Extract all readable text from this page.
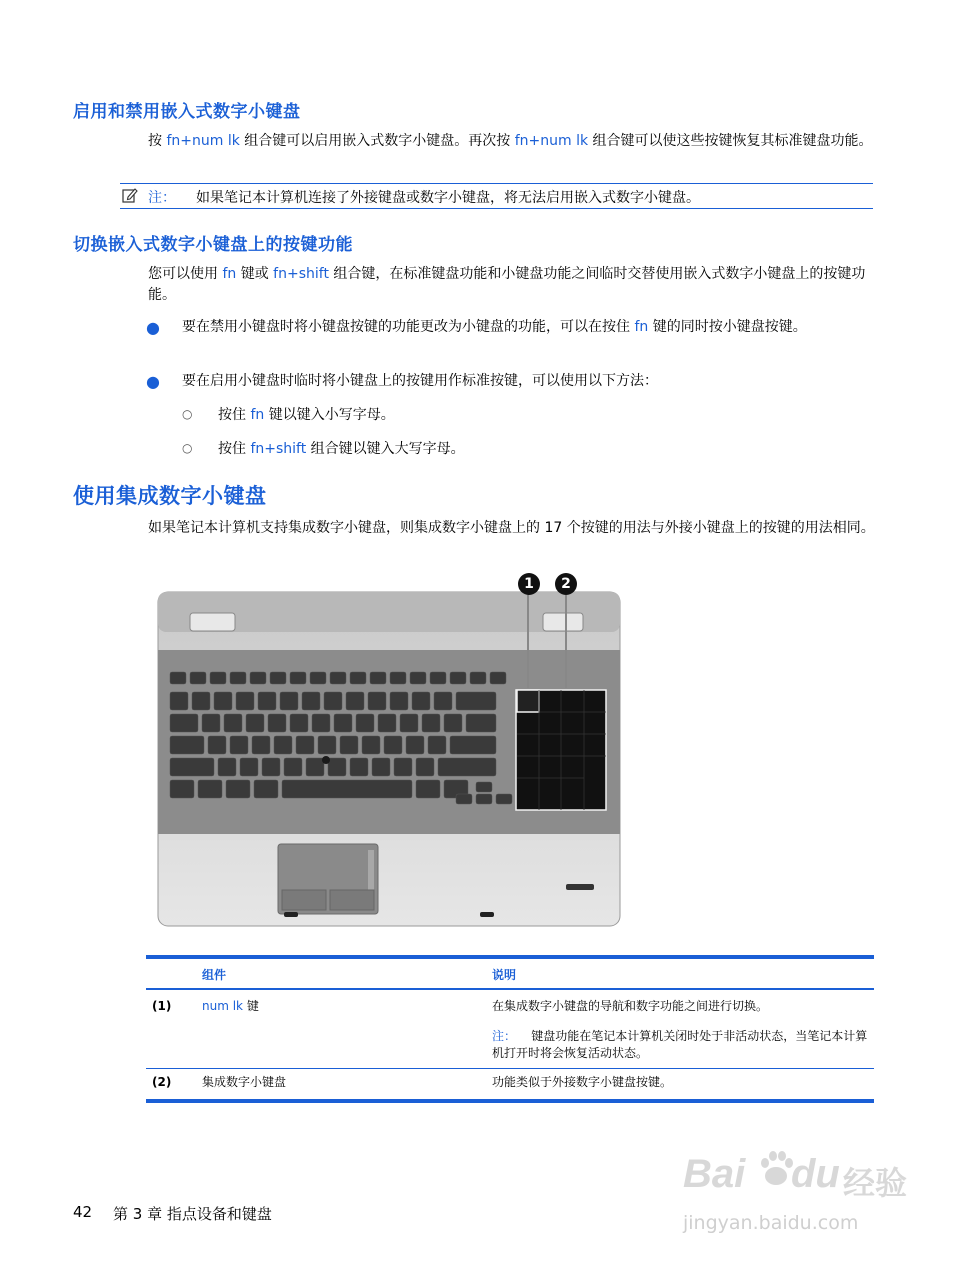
启用和禁用嵌入式数字小键盘
按 fn+num lk 组合键可以启用嵌入式数字小键盘。再次按 fn+num lk 组合键可以使这些按键恢复其标准键盘功能。
注： 如果笔记本计算机连接了外接键盘或数字小键盘，将无法启用嵌入式数字小键盘。
切换嵌入式数字小键盘上的按键功能
您可以使用 fn 键或 fn+shift 组合键，在标准键盘功能和小键盘功能之间临时交替使用嵌入式数字小键盘上的按键功能。
● 要在禁用小键盘时将小键盘按键的功能更改为小键盘的功能，可以在按住 fn 键的同时按小键盘按键。
● 要在启用小键盘时临时将小键盘上的按键用作标准按键，可以使用以下方法：
○ 按住 fn 键以键入小写字母。
○ 按住 fn+shift 组合键以键入大写字母。
使用集成数字小键盘
如果笔记本计算机支持集成数字小键盘，则集成数字小键盘上的 17 个按键的用法与外接小键盘上的按键的用法相同。
1	2
组件	说明
(1)	num lk 键	在集成数字小键盘的导航和数字功能之间进行切换。
注： 键盘功能在笔记本计算机关闭时处于非活动状态，当笔记本计算机打开时将会恢复活动状态。
(2)	集成数字小键盘	功能类似于外接数字小键盘按键。
42 第 3 章 指点设备和键盘
Bai du 经验
jingyan.baidu.com
